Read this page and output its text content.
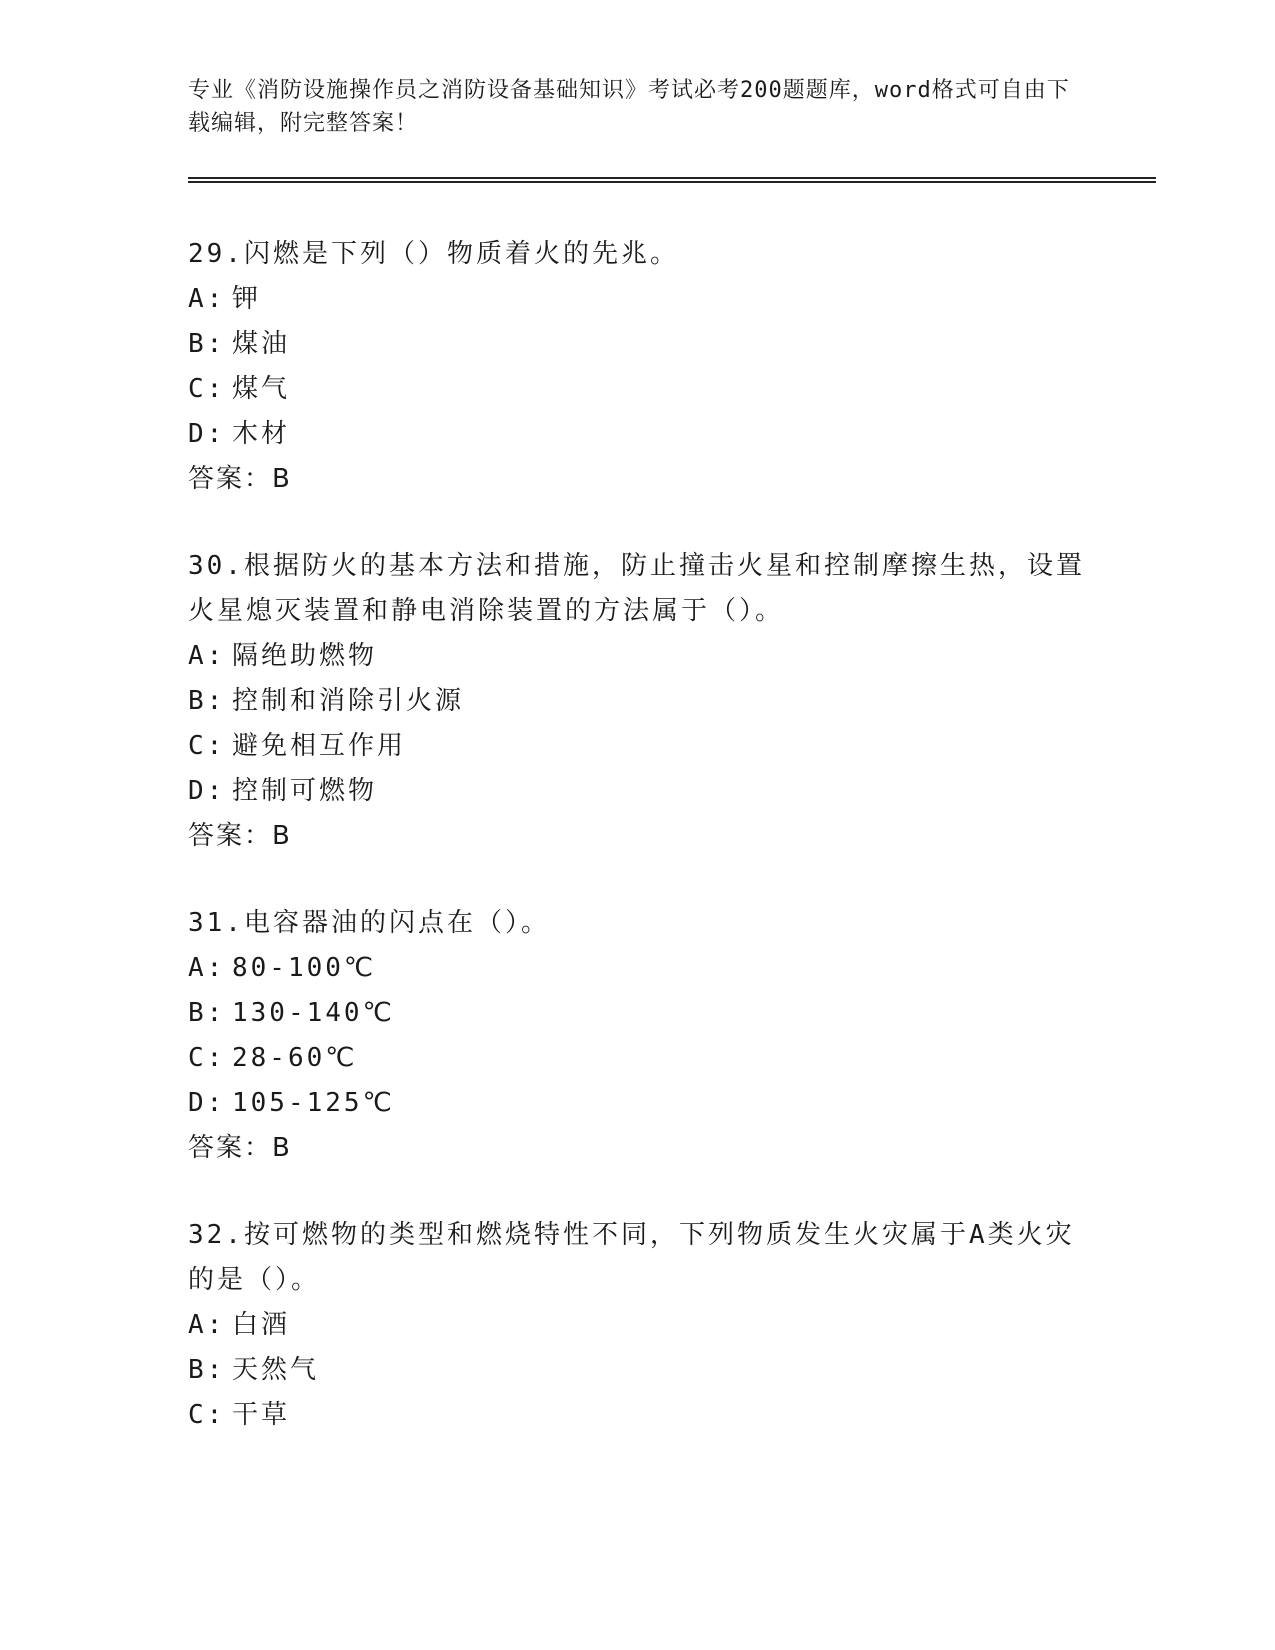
专业《消防设施操作员之消防设备基础知识》考试必考200题题库，word格式可自由下载编辑，附完整答案！
29.闪燃是下列（）物质着火的先兆。
A: 钾
B: 煤油
C: 煤气
D: 木材
答案：B
30.根据防火的基本方法和措施，防止撞击火星和控制摩擦生热，设置火星熄灭装置和静电消除装置的方法属于（）。
A: 隔绝助燃物
B: 控制和消除引火源
C: 避免相互作用
D: 控制可燃物
答案：B
31.电容器油的闪点在（）。
A: 80-100℃
B: 130-140℃
C: 28-60℃
D: 105-125℃
答案：B
32.按可燃物的类型和燃烧特性不同，下列物质发生火灾属于A类火灾的是（）。
A: 白酒
B: 天然气
C: 干草
